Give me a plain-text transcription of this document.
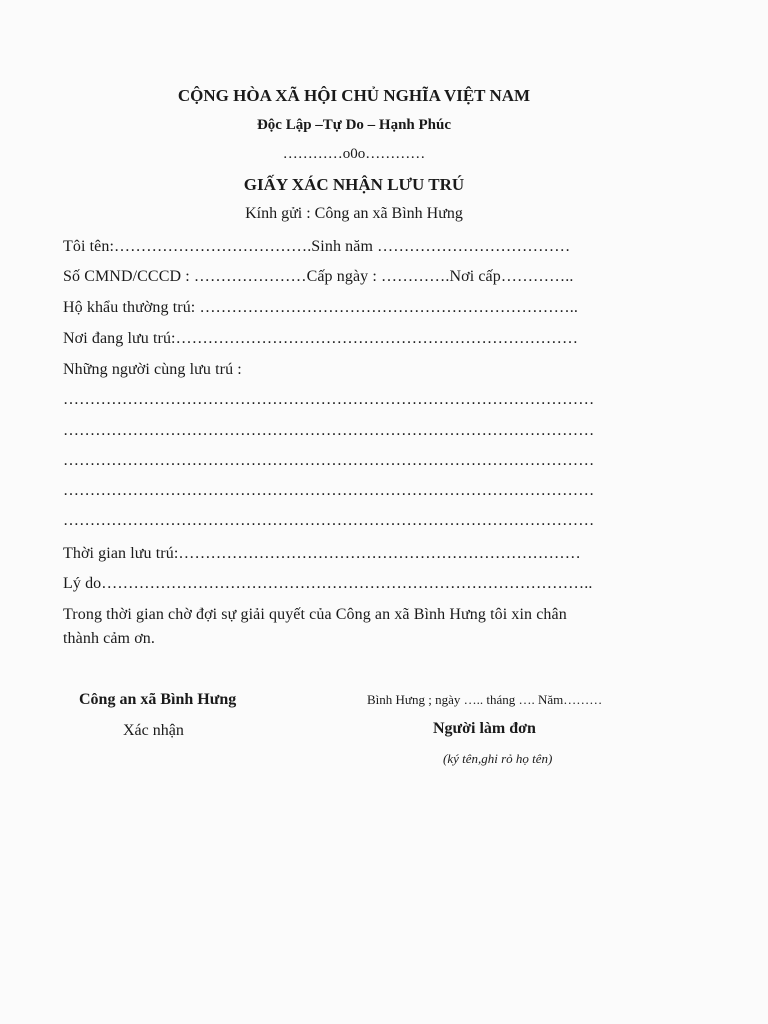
CỘNG HÒA XÃ HỘI CHỦ NGHĨA VIỆT NAM
Độc Lập –Tự Do – Hạnh Phúc
…………o0o…………
GIẤY XÁC NHẬN LƯU TRÚ
Kính gửi : Công an xã Bình Hưng
Tôi tên:……………………………….Sinh năm ………………………………
Số CMND/CCCD : …………………Cấp ngày : ………….Nơi cấp…………..
Hộ khẩu thường trú: ……………………………………………………………..
Nơi đang lưu trú:…………………………………………………………………
Những người cùng lưu trú :
………………………………………………………………………………………
………………………………………………………………………………………
………………………………………………………………………………………
………………………………………………………………………………………
………………………………………………………………………………………
Thời gian lưu trú:…………………………………………………………………
Lý do………………………………………………………………………………..
Trong thời gian chờ đợi sự giải quyết của Công an xã Bình Hưng tôi xin chân
thành cảm ơn.
Công an xã Bình Hưng
Xác nhận
Bình Hưng ; ngày ….. tháng …. Năm………
Người làm đơn
(ký tên,ghi rỏ họ tên)
